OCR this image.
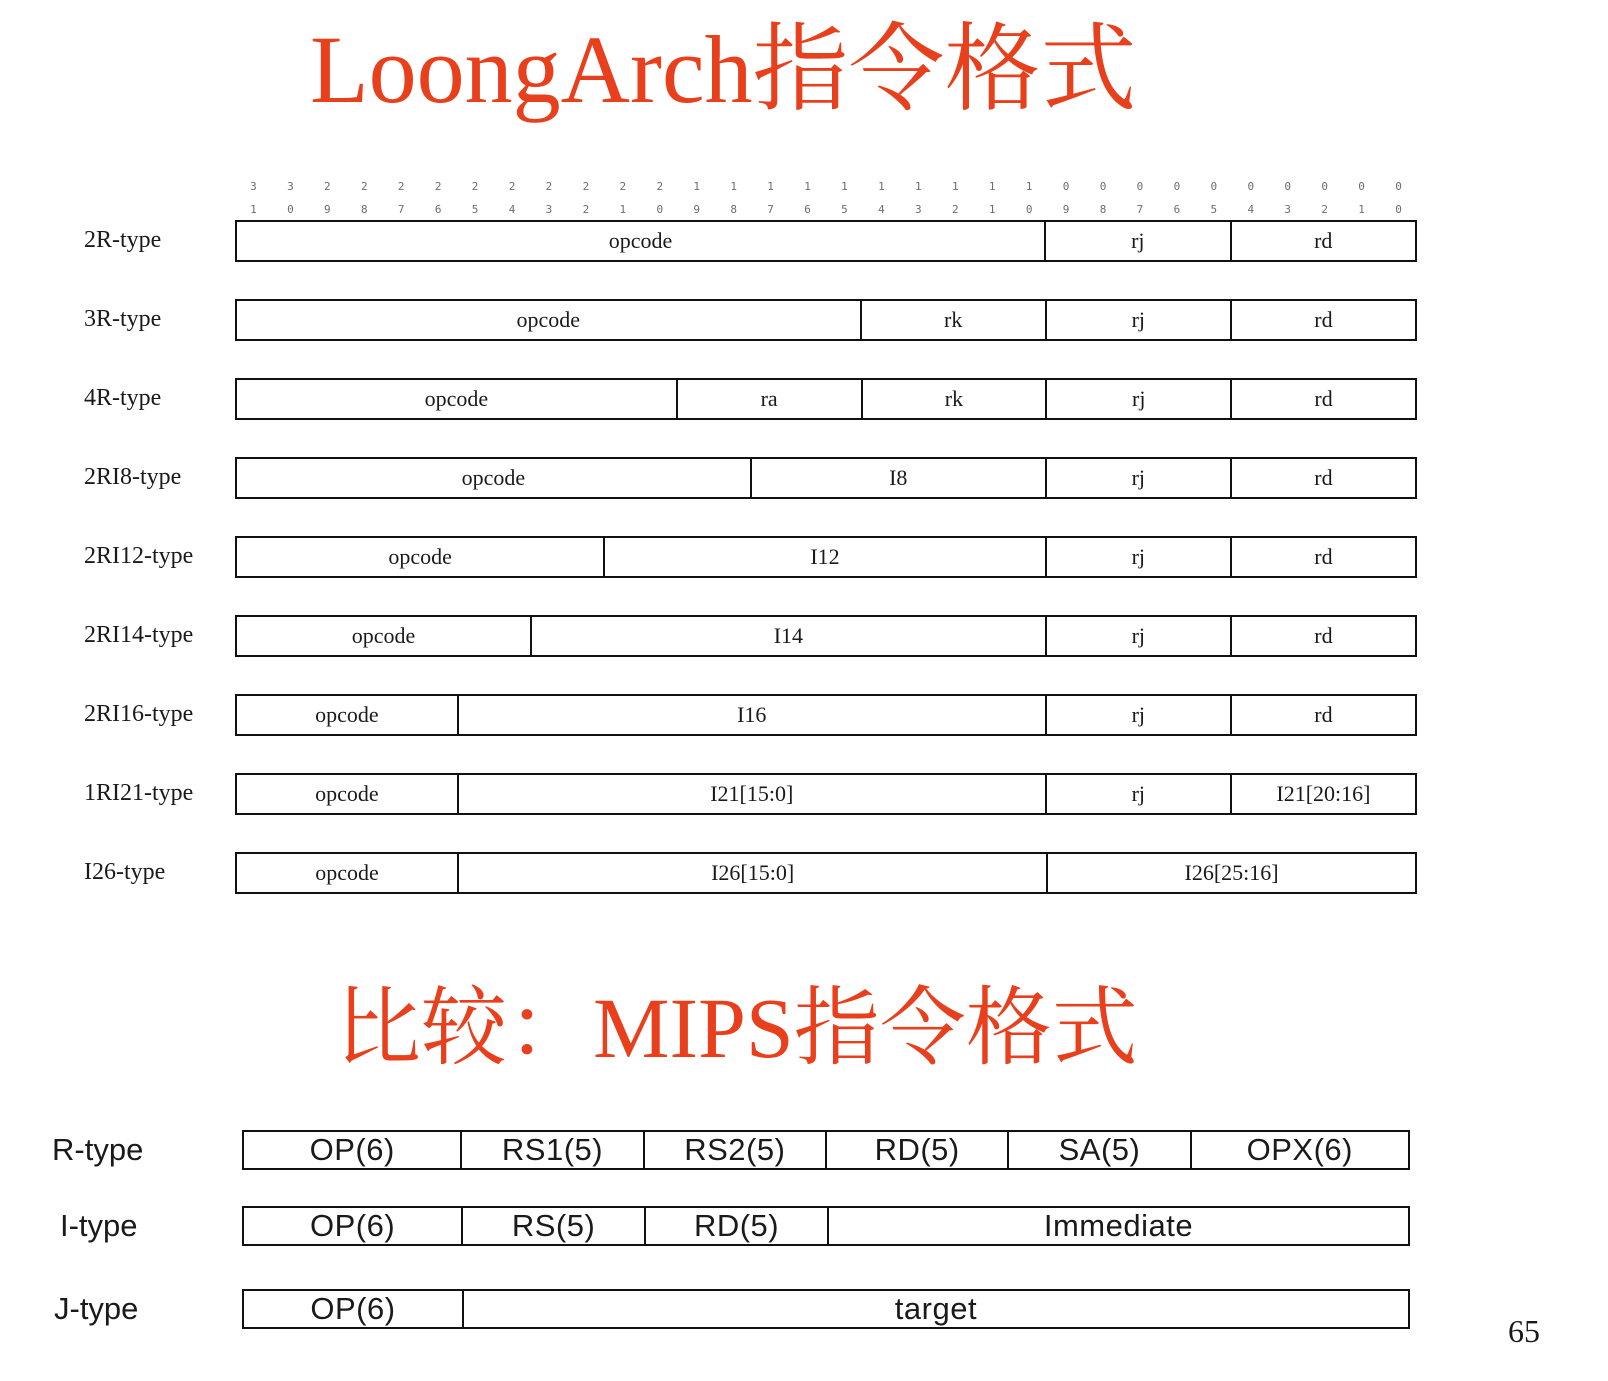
LoongArch指令格式
3
1
3
0
2
9
2
8
2
7
2
6
2
5
2
4
2
3
2
2
2
1
2
0
1
9
1
8
1
7
1
6
1
5
1
4
1
3
1
2
1
1
1
0
0
9
0
8
0
7
0
6
0
5
0
4
0
3
0
2
0
1
0
0
2R-type	opcode	rj	rd
3R-type	opcode	rk	rj	rd
4R-type	opcode	ra	rk	rj	rd
2RI8-type	opcode	I8	rj	rd
2RI12-type	opcode	I12	rj	rd
2RI14-type	opcode	I14	rj	rd
2RI16-type	opcode	I16	rj	rd
1RI21-type	opcode	I21[15:0]	rj	I21[20:16]
I26-type	opcode	I26[15:0]	I26[25:16]
比较：MIPS指令格式
R-type	OP(6)	RS1(5)	RS2(5)	RD(5)	SA(5)	OPX(6)
I-type	OP(6)	RS(5)	RD(5)	Immediate
J-type	OP(6)	target
65
